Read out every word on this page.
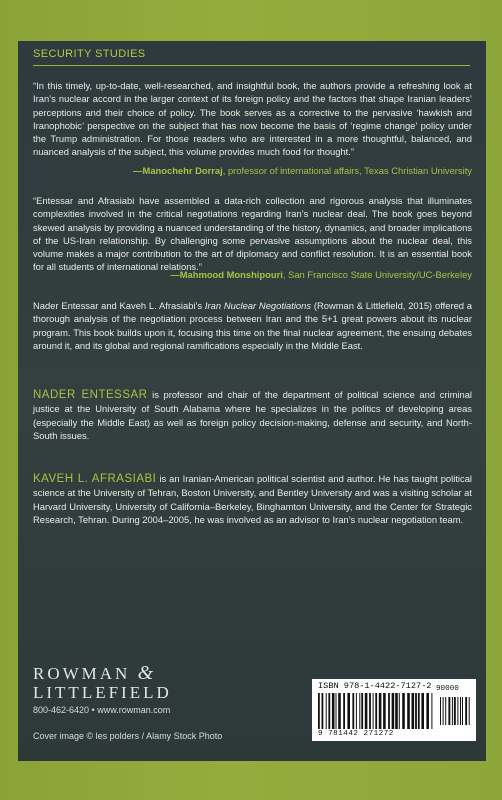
SECURITY STUDIES
“In this timely, up-to-date, well-researched, and insightful book, the authors provide a refreshing look at Iran’s nuclear accord in the larger context of its foreign policy and the factors that shape Iranian leaders’ perceptions and their choice of policy. The book serves as a corrective to the pervasive ‘hawkish and Iranophobic’ perspective on the subject that has now become the basis of ‘regime change’ policy under the Trump administration. For those readers who are interested in a more thoughtful, balanced, and nuanced analysis of the subject, this volume provides much food for thought.”
—Manochehr Dorraj, professor of international affairs, Texas Christian University
“Entessar and Afrasiabi have assembled a data-rich collection and rigorous analysis that illuminates complexities involved in the critical negotiations regarding Iran’s nuclear deal. The book goes beyond skewed analysis by providing a nuanced understanding of the history, dynamics, and broader implications of the US-Iran relationship. By challenging some pervasive assumptions about the nuclear deal, this volume makes a major contribution to the art of diplomacy and conflict resolution. It is an essential book for all students of international relations.”
—Mahmood Monshipouri, San Francisco State University/UC-Berkeley
Nader Entessar and Kaveh L. Afrasiabi’s Iran Nuclear Negotiations (Rowman & Littlefield, 2015) offered a thorough analysis of the negotiation process between Iran and the 5+1 great powers about its nuclear program. This book builds upon it, focusing this time on the final nuclear agreement, the ensuing debates around it, and its global and regional ramifications especially in the Middle East.
NADER ENTESSAR is professor and chair of the department of political science and criminal justice at the University of South Alabama where he specializes in the politics of developing areas (especially the Middle East) as well as foreign policy decision-making, defense and security, and North-South issues.
KAVEH L. AFRASIABI is an Iranian-American political scientist and author. He has taught political science at the University of Tehran, Boston University, and Bentley University and was a visiting scholar at Harvard University, University of California–Berkeley, Binghamton University, and the Center for Strategic Research, Tehran. During 2004–2005, he was involved as an advisor to Iran’s nuclear negotiation team.
ROWMAN &
LITTLEFIELD
800-462-6420 • www.rowman.com
Cover image © les polders / Alamy Stock Photo
ISBN 978-1-4422-7127-2 90000
9 781442 271272
